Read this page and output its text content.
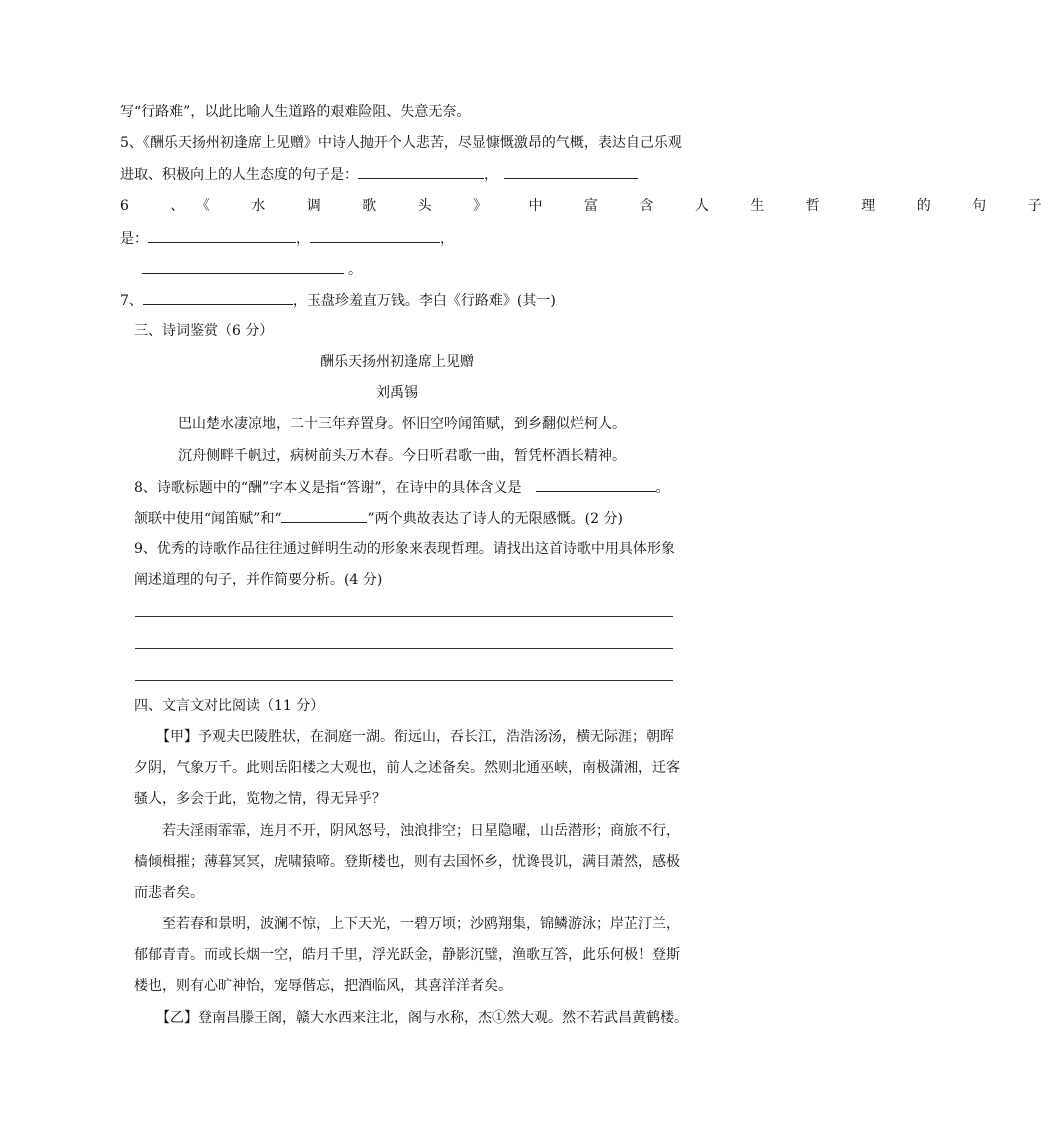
写“行路难”，以此比喻人生道路的艰难险阻、失意无奈。
5、《酬乐天扬州初逢席上见赠》中诗人抛开个人悲苦，尽显慷慨激昂的气概，表达自己乐观
进取、积极向上的人生态度的句子是：	，
6 、《 水 调 歌 头 》 中 富 含 人 生 哲 理 的 句 子
是：	，	，
。
7、	，玉盘珍羞直万钱。李白《行路难》(其一)
三、诗词鉴赏（6 分）
酬乐天扬州初逢席上见赠
刘禹锡
巴山楚水凄凉地，二十三年弃置身。怀旧空吟闻笛赋，到乡翻似烂柯人。
沉舟侧畔千帆过，病树前头万木春。今日听君歌一曲，暂凭杯酒长精神。
8、诗歌标题中的“酬”字本义是指“答谢”，在诗中的具体含义是	。
颔联中使用“闻笛赋”和“	”两个典故表达了诗人的无限感慨。(2 分)
9、优秀的诗歌作品往往通过鲜明生动的形象来表现哲理。请找出这首诗歌中用具体形象
阐述道理的句子，并作简要分析。(4 分)
四、文言文对比阅读（11 分）
【甲】予观夫巴陵胜状，在洞庭一湖。衔远山，吞长江，浩浩汤汤，横无际涯；朝晖
夕阴，气象万千。此则岳阳楼之大观也，前人之述备矣。然则北通巫峡，南极潇湘，迁客
骚人，多会于此，览物之情，得无异乎？
若夫淫雨霏霏，连月不开，阴风怒号，浊浪排空；日星隐曜，山岳潜形；商旅不行，
樯倾楫摧；薄暮冥冥，虎啸猿啼。登斯楼也，则有去国怀乡，忧谗畏讥，满目萧然，感极
而悲者矣。
至若春和景明，波澜不惊，上下天光，一碧万顷；沙鸥翔集，锦鳞游泳；岸芷汀兰，
郁郁青青。而或长烟一空，皓月千里，浮光跃金，静影沉璧，渔歌互答，此乐何极！登斯
楼也，则有心旷神怡，宠辱偕忘，把酒临风，其喜洋洋者矣。
【乙】登南昌滕王阁，赣大水西来注北，阁与水称，杰①然大观。然不若武昌黄鹤楼。
